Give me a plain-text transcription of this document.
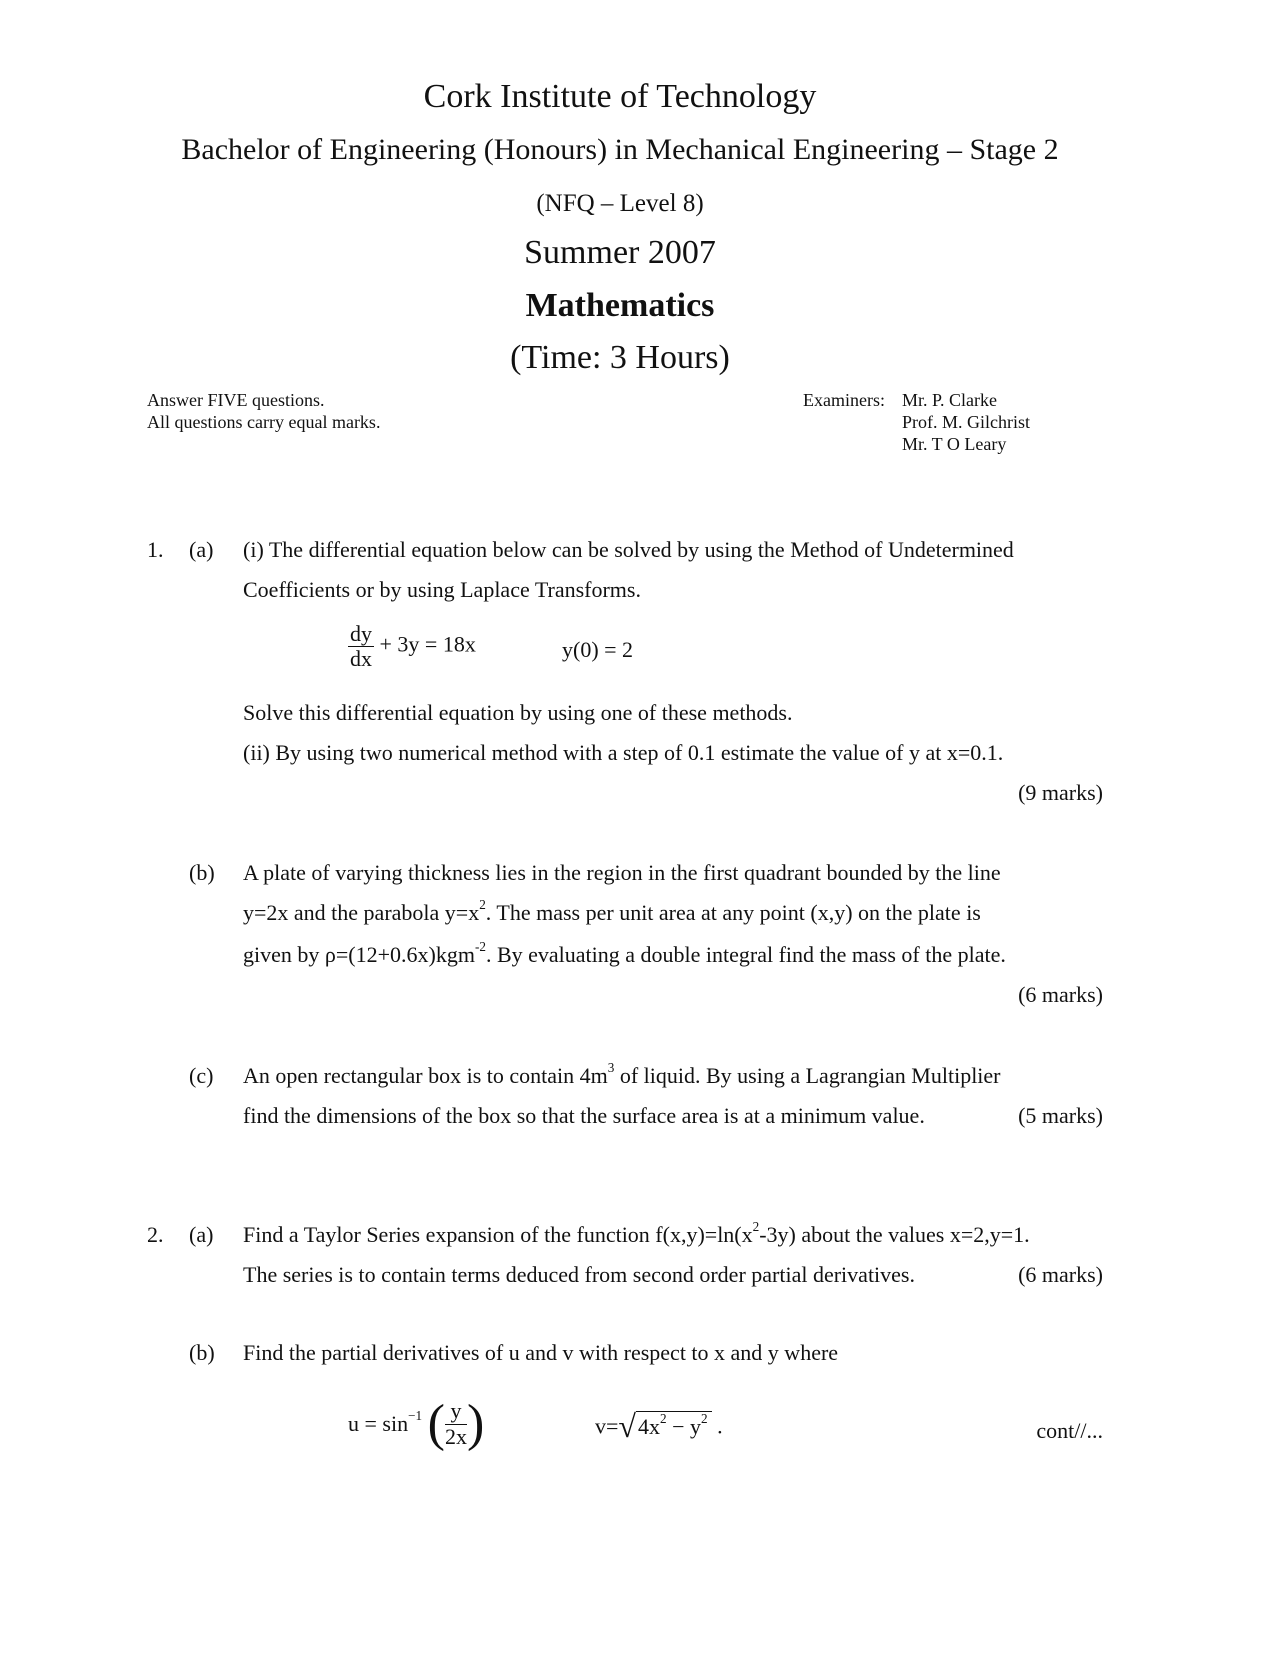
Cork Institute of Technology
Bachelor of Engineering (Honours) in Mechanical Engineering – Stage 2
(NFQ – Level 8)
Summer 2007
Mathematics
(Time: 3 Hours)
Answer FIVE questions.
All questions carry equal marks.
Examiners: Mr. P. Clarke
Prof. M. Gilchrist
Mr. T O Leary
1. (a) (i) The differential equation below can be solved by using the Method of Undetermined
Coefficients or by using Laplace Transforms.
$\frac{dy}{dx} + 3y = 18x$	y(0) = 2
Solve this differential equation by using one of these methods.
(ii) By using two numerical method with a step of 0.1 estimate the value of y at x=0.1.
(9 marks)
(b) A plate of varying thickness lies in the region in the first quadrant bounded by the line
y=2x and the parabola $y=x^2$. The mass per unit area at any point (x,y) on the plate is
given by ρ=(12+0.6x)kgm$^{-2}$. By evaluating a double integral find the mass of the plate.
(6 marks)
(c) An open rectangular box is to contain $4m^3$ of liquid. By using a Lagrangian Multiplier
find the dimensions of the box so that the surface area is at a minimum value.	(5 marks)
2. (a) Find a Taylor Series expansion of the function $f(x,y)=\ln(x^2-3y)$ about the values x=2,y=1.
The series is to contain terms deduced from second order partial derivatives.	(6 marks)
(b) Find the partial derivatives of u and v with respect to x and y where
$u = \sin^{-1}$ ( $\frac{y}{2x}$ )	$v=√4x^2 - y^2$ .	cont//...
